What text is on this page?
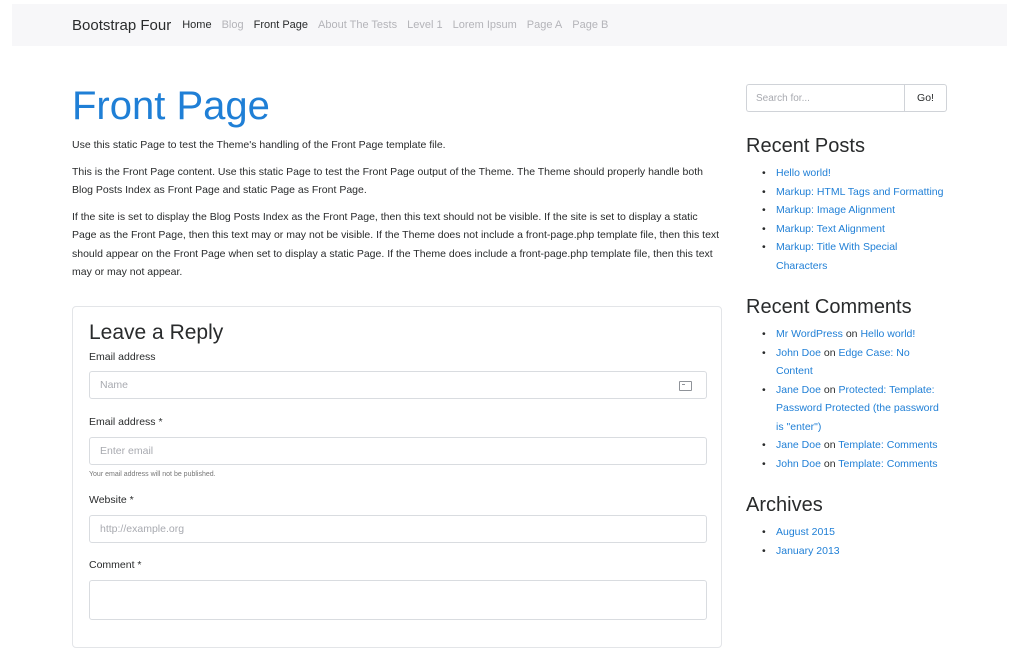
Bootstrap Four Home Blog Front Page About The Tests Level 1 Lorem Ipsum Page A Page B
Front Page

Use this static Page to test the Theme's handling of the Front Page template file.

This is the Front Page content. Use this static Page to test the Front Page output of the Theme. The Theme should properly handle both Blog Posts Index as Front Page and static Page as Front Page.

If the site is set to display the Blog Posts Index as the Front Page, then this text should not be visible. If the site is set to display a static Page as the Front Page, then this text may or may not be visible. If the Theme does not include a front-page.php template file, then this text should appear on the Front Page when set to display a static Page. If the Theme does include a front-page.php template file, then this text may or may not appear.

Leave a Reply
Email address
Name
Email address *
Enter email
Your email address will not be published.
Website *
http://example.org
Comment *
Search for...	Go!
Recent Posts
• Hello world!
• Markup: HTML Tags and Formatting
• Markup: Image Alignment
• Markup: Text Alignment
• Markup: Title With Special Characters
Recent Comments
• Mr WordPress on Hello world!
• John Doe on Edge Case: No Content
• Jane Doe on Protected: Template: Password Protected (the password is "enter")
• Jane Doe on Template: Comments
• John Doe on Template: Comments
Archives
• August 2015
• January 2013
